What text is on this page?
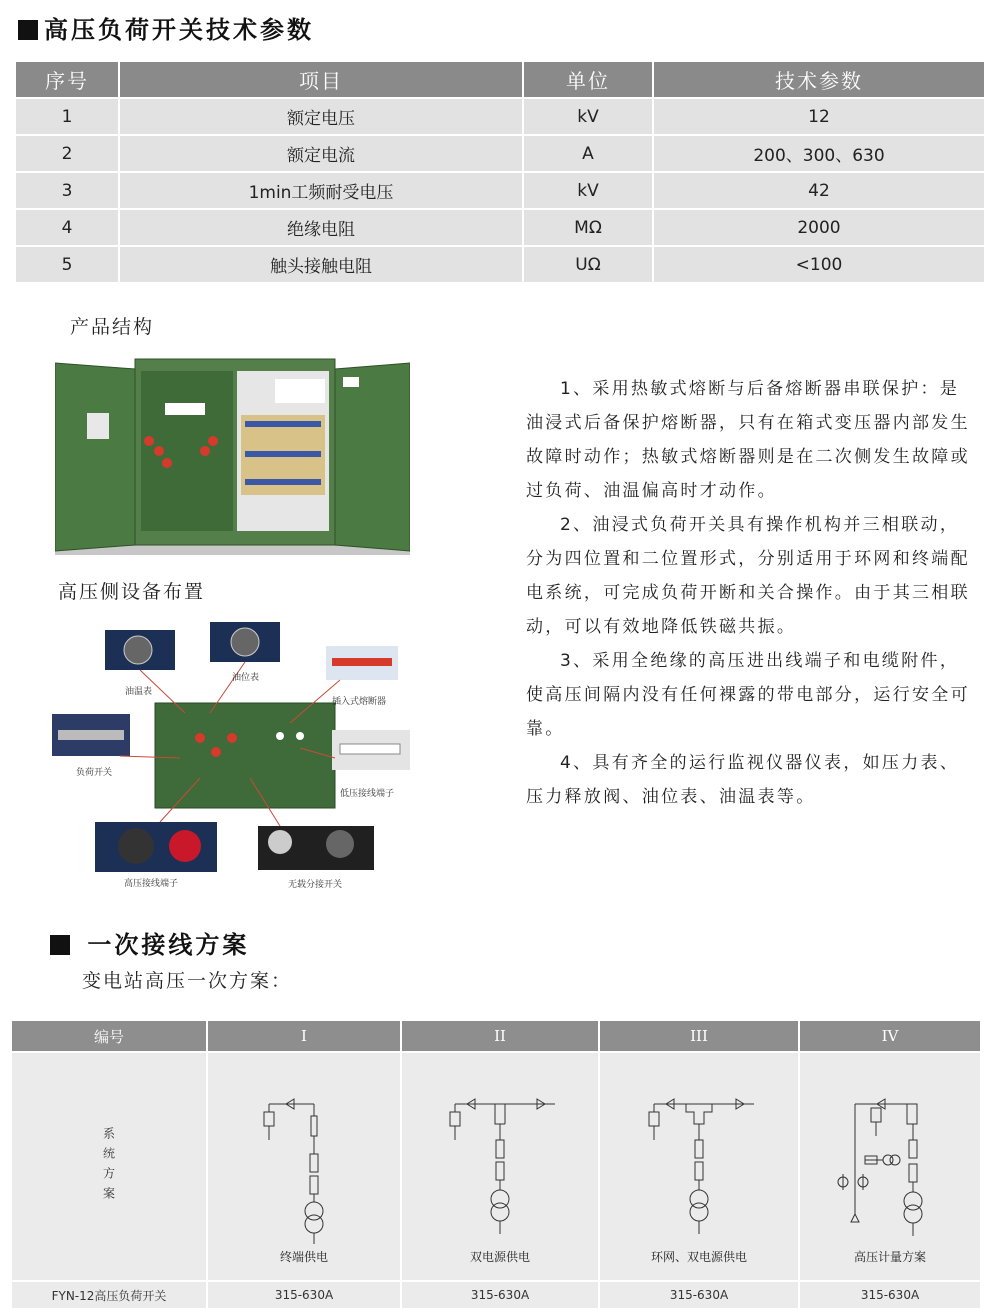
高压负荷开关技术参数
序号	项目	单位	技术参数
1	额定电压	kV	12
2	额定电流	A	200、300、630
3	1min工频耐受电压	kV	42
4	绝缘电阻	MΩ	2000
5	触头接触电阻	UΩ	<100
产品结构
高压侧设备布置
油温表
油位表
插入式熔断器
负荷开关
低压接线端子
高压接线端子	无载分接开关

1、采用热敏式熔断与后备熔断器串联保护：是油浸式后备保护熔断器，只有在箱式变压器内部发生故障时动作；热敏式熔断器则是在二次侧发生故障或过负荷、油温偏高时才动作。

2、油浸式负荷开关具有操作机构并三相联动，分为四位置和二位置形式，分别适用于环网和终端配电系统，可完成负荷开断和关合操作。由于其三相联动，可以有效地降低铁磁共振。

3、采用全绝缘的高压进出线端子和电缆附件，使高压间隔内没有任何裸露的带电部分，运行安全可靠。

4、具有齐全的运行监视仪器仪表，如压力表、压力释放阀、油位表、油温表等。

一次接线方案
变电站高压一次方案：
编号	I	II	III	IV
系统方案	终端供电	双电源供电	环网、双电源供电	高压计量方案

FYN-12高压负荷开关	315-630A	315-630A	315-630A	315-630A
